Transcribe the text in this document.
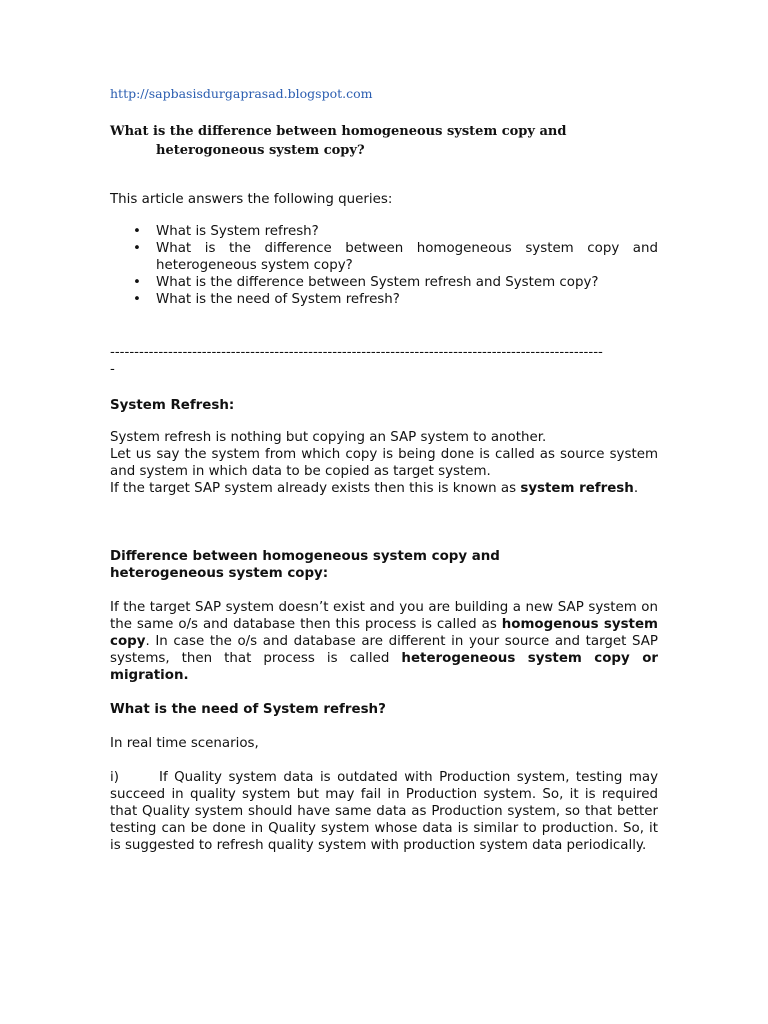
http://sapbasisdurgaprasad.blogspot.com
What is the difference between homogeneous system copy and
heterogoneous system copy?
This article answers the following queries:
• What is System refresh?
• What is the difference between homogeneous system copy and heterogeneous system copy?
• What is the difference between System refresh and System copy?
• What is the need of System refresh?
------------------------------------------------------------------------------------------------------
-
System Refresh:
System refresh is nothing but copying an SAP system to another.
Let us say the system from which copy is being done is called as source system and system in which data to be copied as target system.
If the target SAP system already exists then this is known as system refresh.
Difference between homogeneous system copy and
heterogeneous system copy:
If the target SAP system doesn’t exist and you are building a new SAP system on the same o/s and database then this process is called as homogenous system copy. In case the o/s and database are different in your source and target SAP systems, then that process is called heterogeneous system copy or migration.
What is the need of System refresh?
In real time scenarios,
i)	If Quality system data is outdated with Production system, testing may succeed in quality system but may fail in Production system. So, it is required that Quality system should have same data as Production system, so that better testing can be done in Quality system whose data is similar to production. So, it is suggested to refresh quality system with production system data periodically.
